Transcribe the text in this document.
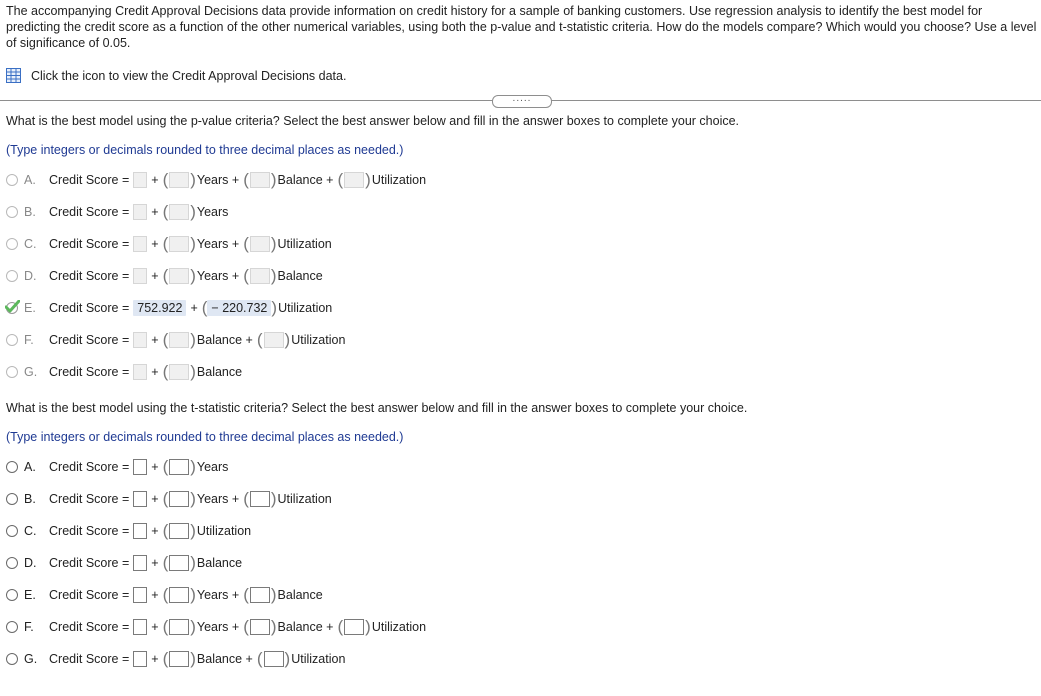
The accompanying Credit Approval Decisions data provide information on credit history for a sample of banking customers. Use regression analysis to identify the best model for predicting the credit score as a function of the other numerical variables, using both the p-value and t-statistic criteria. How do the models compare? Which would you choose? Use a level of significance of 0.05.
Click the icon to view the Credit Approval Decisions data.
.....
What is the best model using the p-value criteria? Select the best answer below and fill in the answer boxes to complete your choice.
(Type integers or decimals rounded to three decimal places as needed.)
A.	Credit Score = + ( ) Years + ( ) Balance + ( ) Utilization
B.	Credit Score = + ( ) Years
C.	Credit Score = + ( ) Years + ( ) Utilization
D.	Credit Score = + ( ) Years + ( ) Balance
E.	Credit Score = 752.922 + ( − 220.732 ) Utilization
F.	Credit Score = + ( ) Balance + ( ) Utilization
G. Credit Score = + ( ) Balance
What is the best model using the t-statistic criteria? Select the best answer below and fill in the answer boxes to complete your choice.
(Type integers or decimals rounded to three decimal places as needed.)
A.	Credit Score = + ( ) Years
B.	Credit Score = + ( ) Years + ( ) Utilization
C.	Credit Score = + ( ) Utilization
D.	Credit Score = + ( ) Balance
E.	Credit Score = + ( ) Years + ( ) Balance
F.	Credit Score = + ( ) Years + ( ) Balance + ( ) Utilization
G. Credit Score = + ( ) Balance + ( ) Utilization
